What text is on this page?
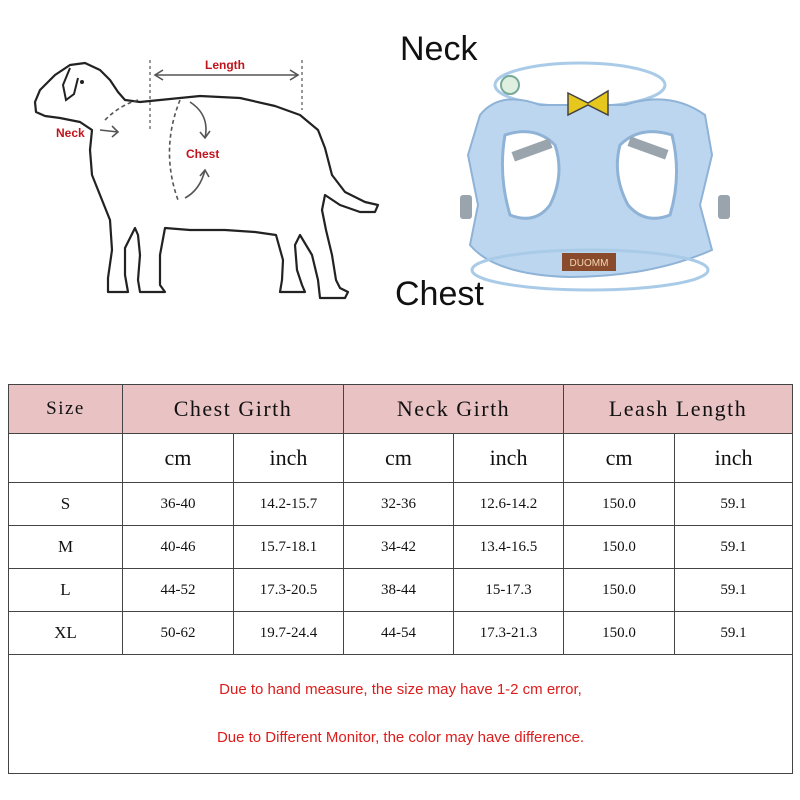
Length
Neck
Chest
DUOMM
Neck
Chest
Size	Chest Girth		Neck Girth		Leash Length	
	cm	inch	cm	inch	cm	inch
S	36-40	14.2-15.7	32-36	12.6-14.2	150.0	59.1
M	40-46	15.7-18.1	34-42	13.4-16.5	150.0	59.1
L	44-52	17.3-20.5	38-44	15-17.3	150.0	59.1
XL	50-62	19.7-24.4	44-54	17.3-21.3	150.0	59.1

Due to hand measure, the size may have 1-2 cm error,
Due to Different Monitor, the color may have difference.						
